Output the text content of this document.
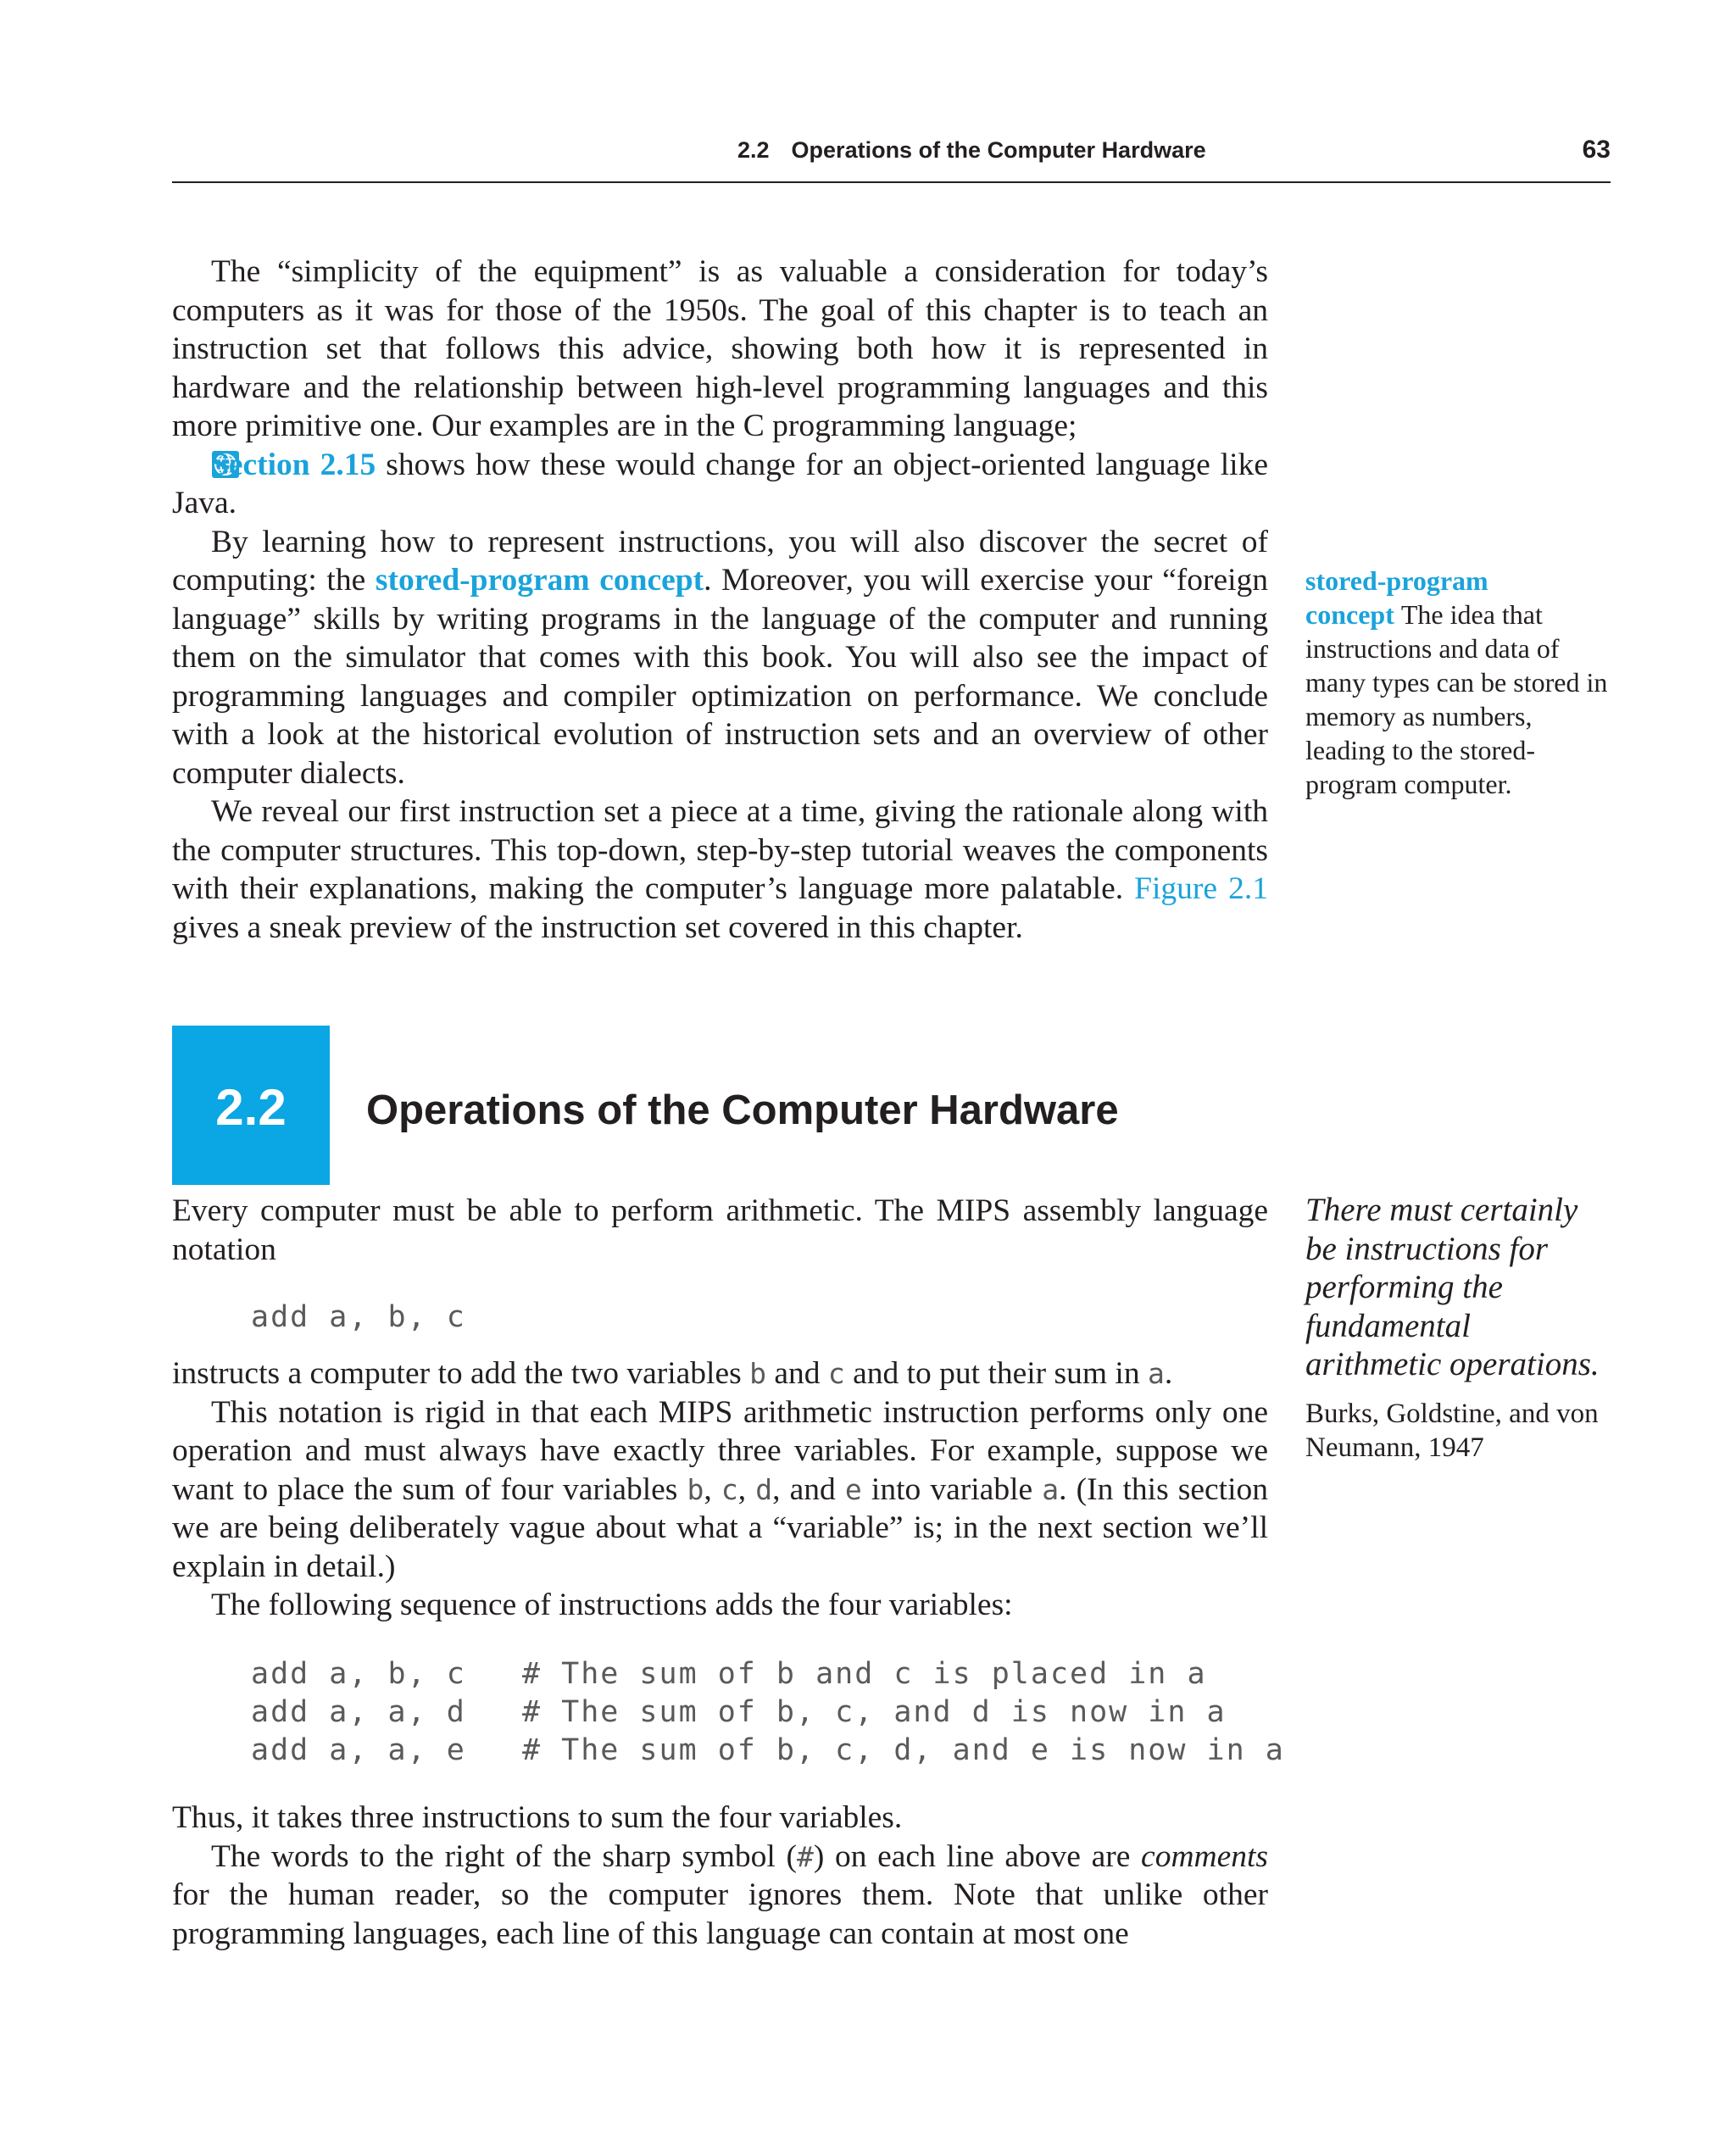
2.2 Operations of the Computer Hardware	63

The “simplicity of the equipment” is as valuable a consideration for today’s computers as it was for those of the 1950s. The goal of this chapter is to teach an instruction set that follows this advice, showing both how it is represented in hardware and the relationship between high-level programming languages and this more primitive one. Our examples are in the C programming language;
Section 2.15 shows how these would change for an object-oriented language like Java.

By learning how to represent instructions, you will also discover the secret of computing: the stored-program concept. Moreover, you will exercise your “foreign language” skills by writing programs in the language of the computer and running them on the simulator that comes with this book. You will also see the impact of programming languages and compiler optimization on performance. We conclude with a look at the historical evolution of instruction sets and an overview of other computer dialects.

We reveal our first instruction set a piece at a time, giving the rationale along with the computer structures. This top-down, step-by-step tutorial weaves the components with their explanations, making the computer’s language more palatable. Figure 2.1 gives a sneak preview of the instruction set covered in this chapter.

stored-program concept The idea that instructions and data of many types can be stored in memory as numbers, leading to the stored-program computer.
2.2	Operations of the Computer Hardware

Every computer must be able to perform arithmetic. The MIPS assembly language notation

add a, b, c

instructs a computer to add the two variables b and c and to put their sum in a.

This notation is rigid in that each MIPS arithmetic instruction performs only one operation and must always have exactly three variables. For example, suppose we want to place the sum of four variables b, c, d, and e into variable a. (In this section we are being deliberately vague about what a “variable” is; in the next section we’ll explain in detail.)

The following sequence of instructions adds the four variables:

add a, b, c # The sum of b and c is placed in a
add a, a, d # The sum of b, c, and d is now in a
add a, a, e # The sum of b, c, d, and e is now in a

Thus, it takes three instructions to sum the four variables.

The words to the right of the sharp symbol (#) on each line above are comments for the human reader, so the computer ignores them. Note that unlike other programming languages, each line of this language can contain at most one

There must certainly be instructions for performing the fundamental arithmetic operations.
Burks, Goldstine, and von Neumann, 1947
